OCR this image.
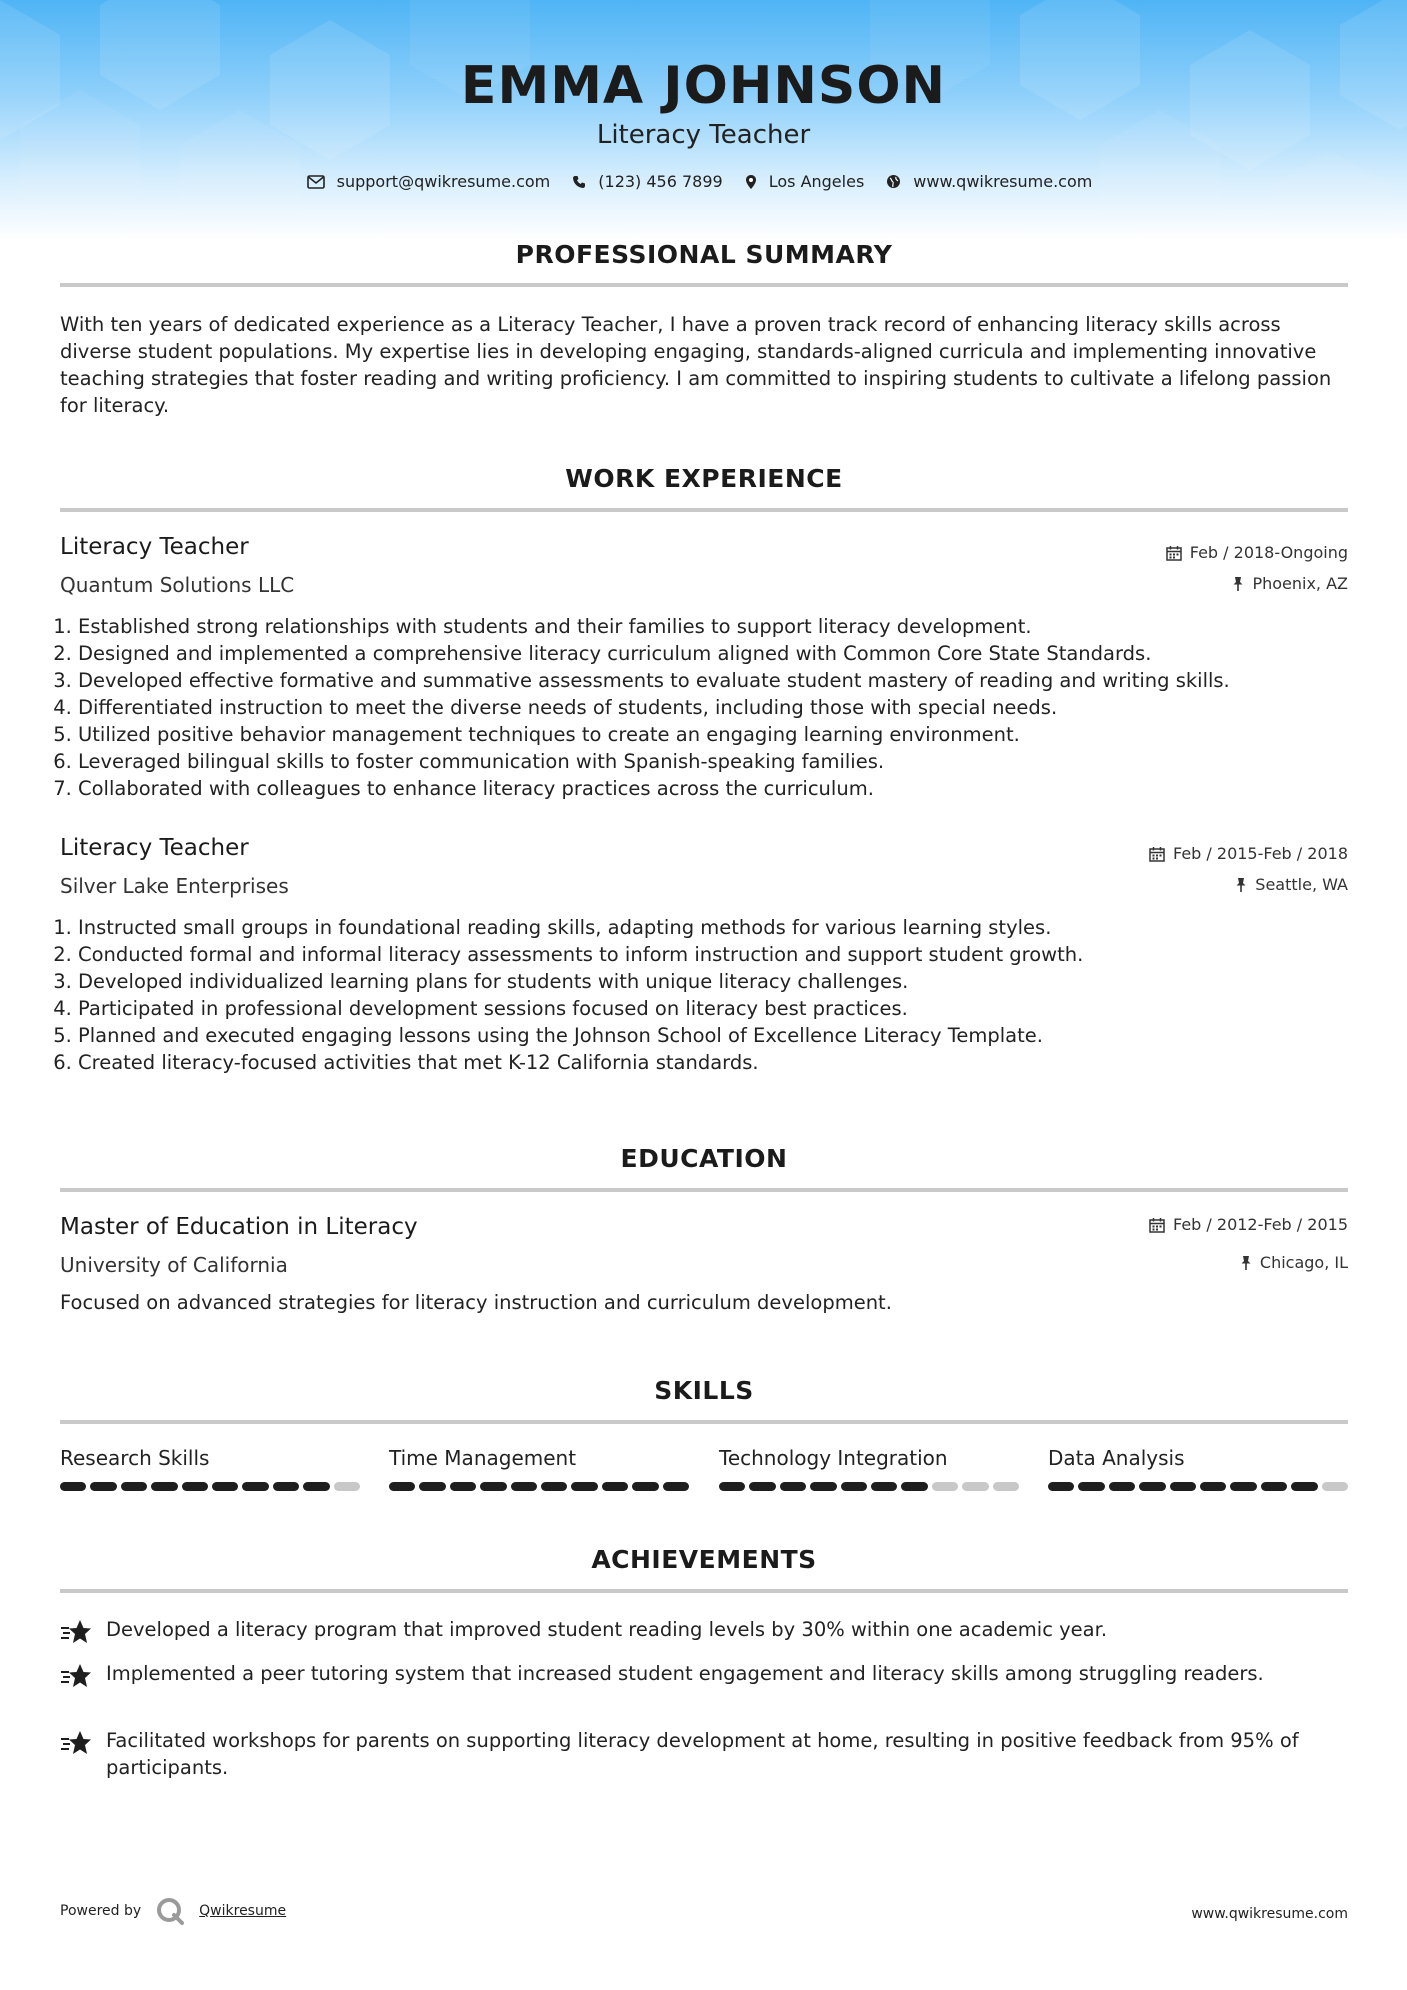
EMMA JOHNSON
Literacy Teacher
support@qwikresume.com	(123) 456 7899	Los Angeles	www.qwikresume.com
PROFESSIONAL SUMMARY
With ten years of dedicated experience as a Literacy Teacher, I have a proven track record of enhancing literacy skills across diverse student populations. My expertise lies in developing engaging, standards-aligned curricula and implementing innovative teaching strategies that foster reading and writing proficiency. I am committed to inspiring students to cultivate a lifelong passion for literacy.
WORK EXPERIENCE
Literacy Teacher
Quantum Solutions LLC
Feb / 2018-Ongoing
Phoenix, AZ
1. Established strong relationships with students and their families to support literacy development.
2. Designed and implemented a comprehensive literacy curriculum aligned with Common Core State Standards.
3. Developed effective formative and summative assessments to evaluate student mastery of reading and writing skills.
4. Differentiated instruction to meet the diverse needs of students, including those with special needs.
5. Utilized positive behavior management techniques to create an engaging learning environment.
6. Leveraged bilingual skills to foster communication with Spanish-speaking families.
7. Collaborated with colleagues to enhance literacy practices across the curriculum.
Literacy Teacher
Silver Lake Enterprises
Feb / 2015-Feb / 2018
Seattle, WA
1. Instructed small groups in foundational reading skills, adapting methods for various learning styles.
2. Conducted formal and informal literacy assessments to inform instruction and support student growth.
3. Developed individualized learning plans for students with unique literacy challenges.
4. Participated in professional development sessions focused on literacy best practices.
5. Planned and executed engaging lessons using the Johnson School of Excellence Literacy Template.
6. Created literacy-focused activities that met K-12 California standards.
EDUCATION
Master of Education in Literacy
University of California
Feb / 2012-Feb / 2015
Chicago, IL
Focused on advanced strategies for literacy instruction and curriculum development.
SKILLS
Research Skills	Time Management	Technology Integration	Data Analysis
ACHIEVEMENTS
Developed a literacy program that improved student reading levels by 30% within one academic year.
Implemented a peer tutoring system that increased student engagement and literacy skills among struggling readers.
Facilitated workshops for parents on supporting literacy development at home, resulting in positive feedback from 95% of participants.
Powered by	Qwikresume	www.qwikresume.com
